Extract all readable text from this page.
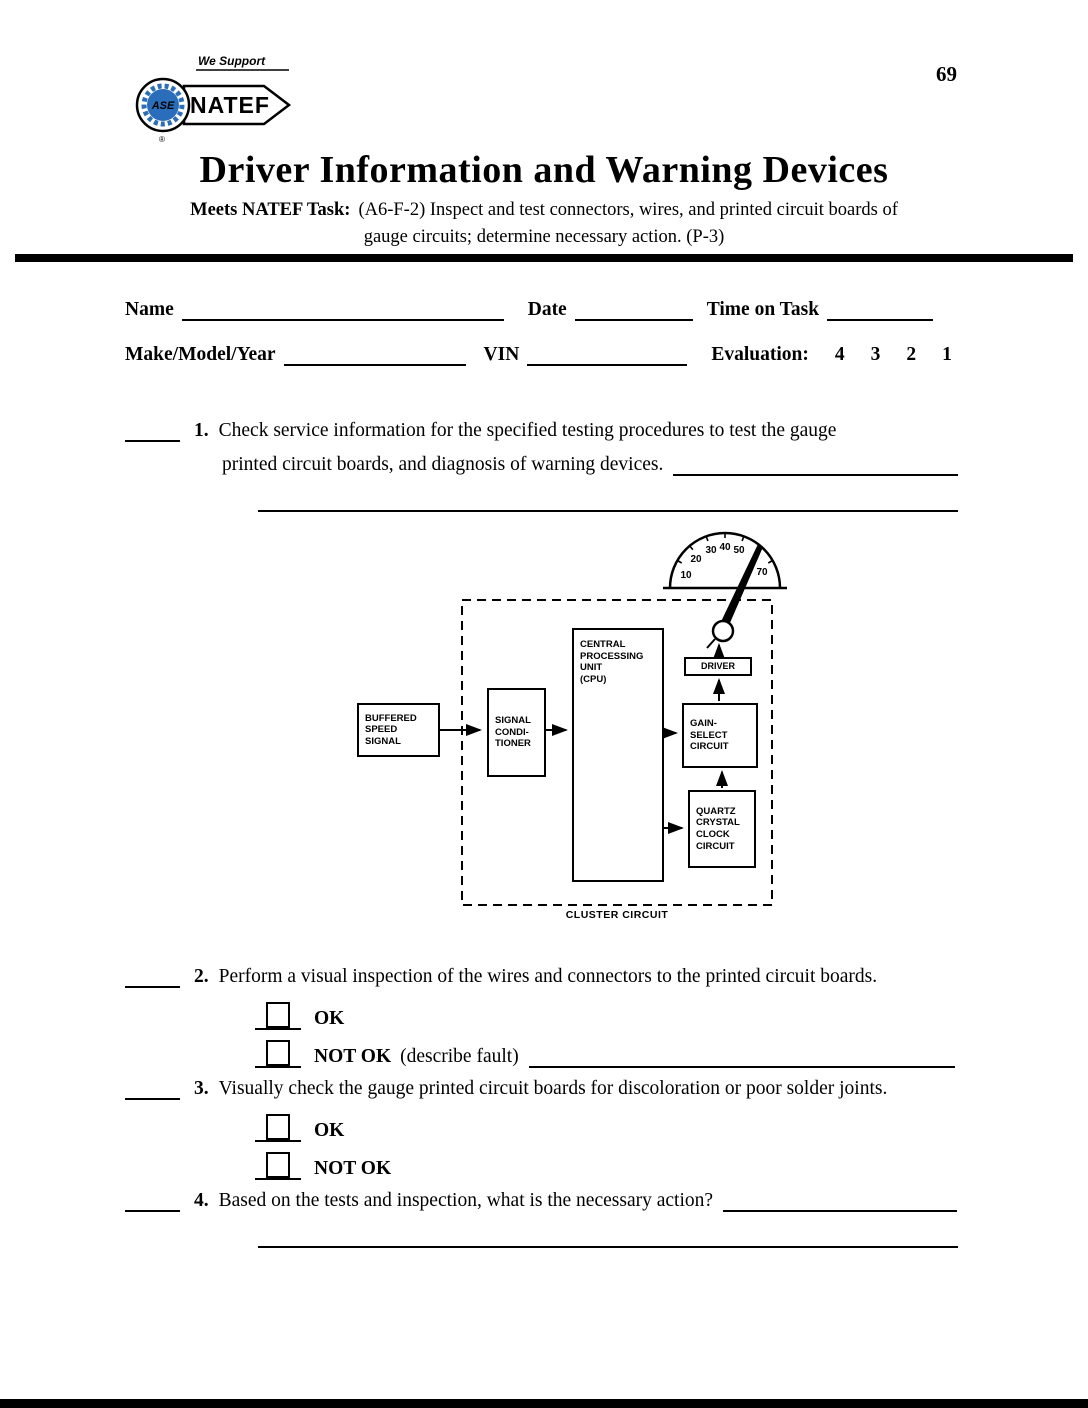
69
We Support
ASE NATEF
®
Driver Information and Warning Devices
Meets NATEF Task: (A6-F-2) Inspect and test connectors, wires, and printed circuit boards of
gauge circuits; determine necessary action. (P-3)
Name	Date	Time on Task
Make/Model/Year	VIN	Evaluation: 4 3 2 1
1. Check service information for the specified testing procedures to test the gauge
printed circuit boards, and diagnosis of warning devices.
10
20
30 40 50
70
BUFFERED
SPEED
SIGNAL
SIGNAL
CONDI-
TIONER
CENTRAL
PROCESSING
UNIT
(CPU)
GAIN-
SELECT
CIRCUIT
DRIVER
QUARTZ
CRYSTAL
CLOCK
CIRCUIT
CLUSTER CIRCUIT
2. Perform a visual inspection of the wires and connectors to the printed circuit boards.
OK
NOT OK (describe fault)
3. Visually check the gauge printed circuit boards for discoloration or poor solder joints.
OK
NOT OK
4. Based on the tests and inspection, what is the necessary action?
